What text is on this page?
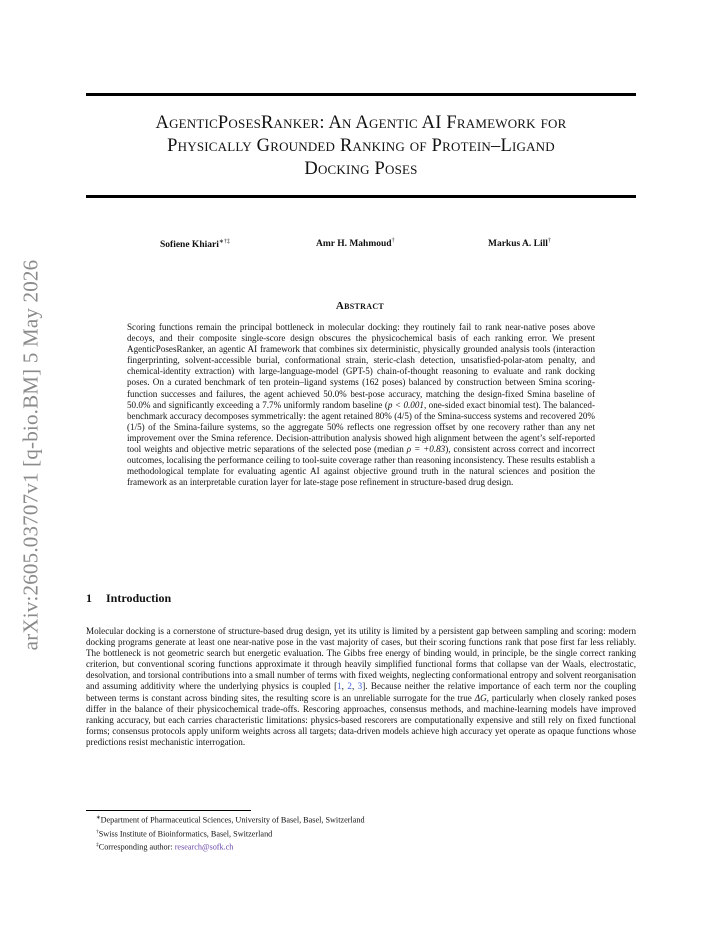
arXiv:2605.03707v1 [q-bio.BM] 5 May 2026
AgenticPosesRanker: An Agentic AI Framework for
Physically Grounded Ranking of Protein–Ligand
Docking Poses
Sofiene Khiari∗†‡	Amr H. Mahmoud†	Markus A. Lill†
Abstract
Scoring functions remain the principal bottleneck in molecular docking: they routinely fail to rank near-native poses above decoys, and their composite single-score design obscures the physicochemical basis of each ranking error. We present AgenticPosesRanker, an agentic AI framework that combines six deterministic, physically grounded analysis tools (interaction fingerprinting, solvent-accessible burial, conformational strain, steric-clash detection, unsatisfied-polar-atom penalty, and chemical-identity extraction) with large-language-model (GPT-5) chain-of-thought reasoning to evaluate and rank docking poses. On a curated benchmark of ten protein–ligand systems (162 poses) balanced by construction between Smina scoring-function successes and failures, the agent achieved 50.0% best-pose accuracy, matching the design-fixed Smina baseline of 50.0% and significantly exceeding a 7.7% uniformly random baseline (p < 0.001, one-sided exact binomial test). The balanced-benchmark accuracy decomposes symmetrically: the agent retained 80% (4/5) of the Smina-success systems and recovered 20% (1/5) of the Smina-failure systems, so the aggregate 50% reflects one regression offset by one recovery rather than any net improvement over the Smina reference. Decision-attribution analysis showed high alignment between the agent’s self-reported tool weights and objective metric separations of the selected pose (median ρ = +0.83), consistent across correct and incorrect outcomes, localising the performance ceiling to tool-suite coverage rather than reasoning inconsistency. These results establish a methodological template for evaluating agentic AI against objective ground truth in the natural sciences and position the framework as an interpretable curation layer for late-stage pose refinement in structure-based drug design.
1 Introduction
Molecular docking is a cornerstone of structure-based drug design, yet its utility is limited by a persistent gap between sampling and scoring: modern docking programs generate at least one near-native pose in the vast majority of cases, but their scoring functions rank that pose first far less reliably. The bottleneck is not geometric search but energetic evaluation. The Gibbs free energy of binding would, in principle, be the single correct ranking criterion, but conventional scoring functions approximate it through heavily simplified functional forms that collapse van der Waals, electrostatic, desolvation, and torsional contributions into a small number of terms with fixed weights, neglecting conformational entropy and solvent reorganisation and assuming additivity where the underlying physics is coupled [1, 2, 3]. Because neither the relative importance of each term nor the coupling between terms is constant across binding sites, the resulting score is an unreliable surrogate for the true ΔG, particularly when closely ranked poses differ in the balance of their physicochemical trade-offs. Rescoring approaches, consensus methods, and machine-learning models have improved ranking accuracy, but each carries characteristic limitations: physics-based rescorers are computationally expensive and still rely on fixed functional forms; consensus protocols apply uniform weights across all targets; data-driven models achieve high accuracy yet operate as opaque functions whose predictions resist mechanistic interrogation.
∗Department of Pharmaceutical Sciences, University of Basel, Basel, Switzerland
†Swiss Institute of Bioinformatics, Basel, Switzerland
‡Corresponding author: research@sofk.ch
